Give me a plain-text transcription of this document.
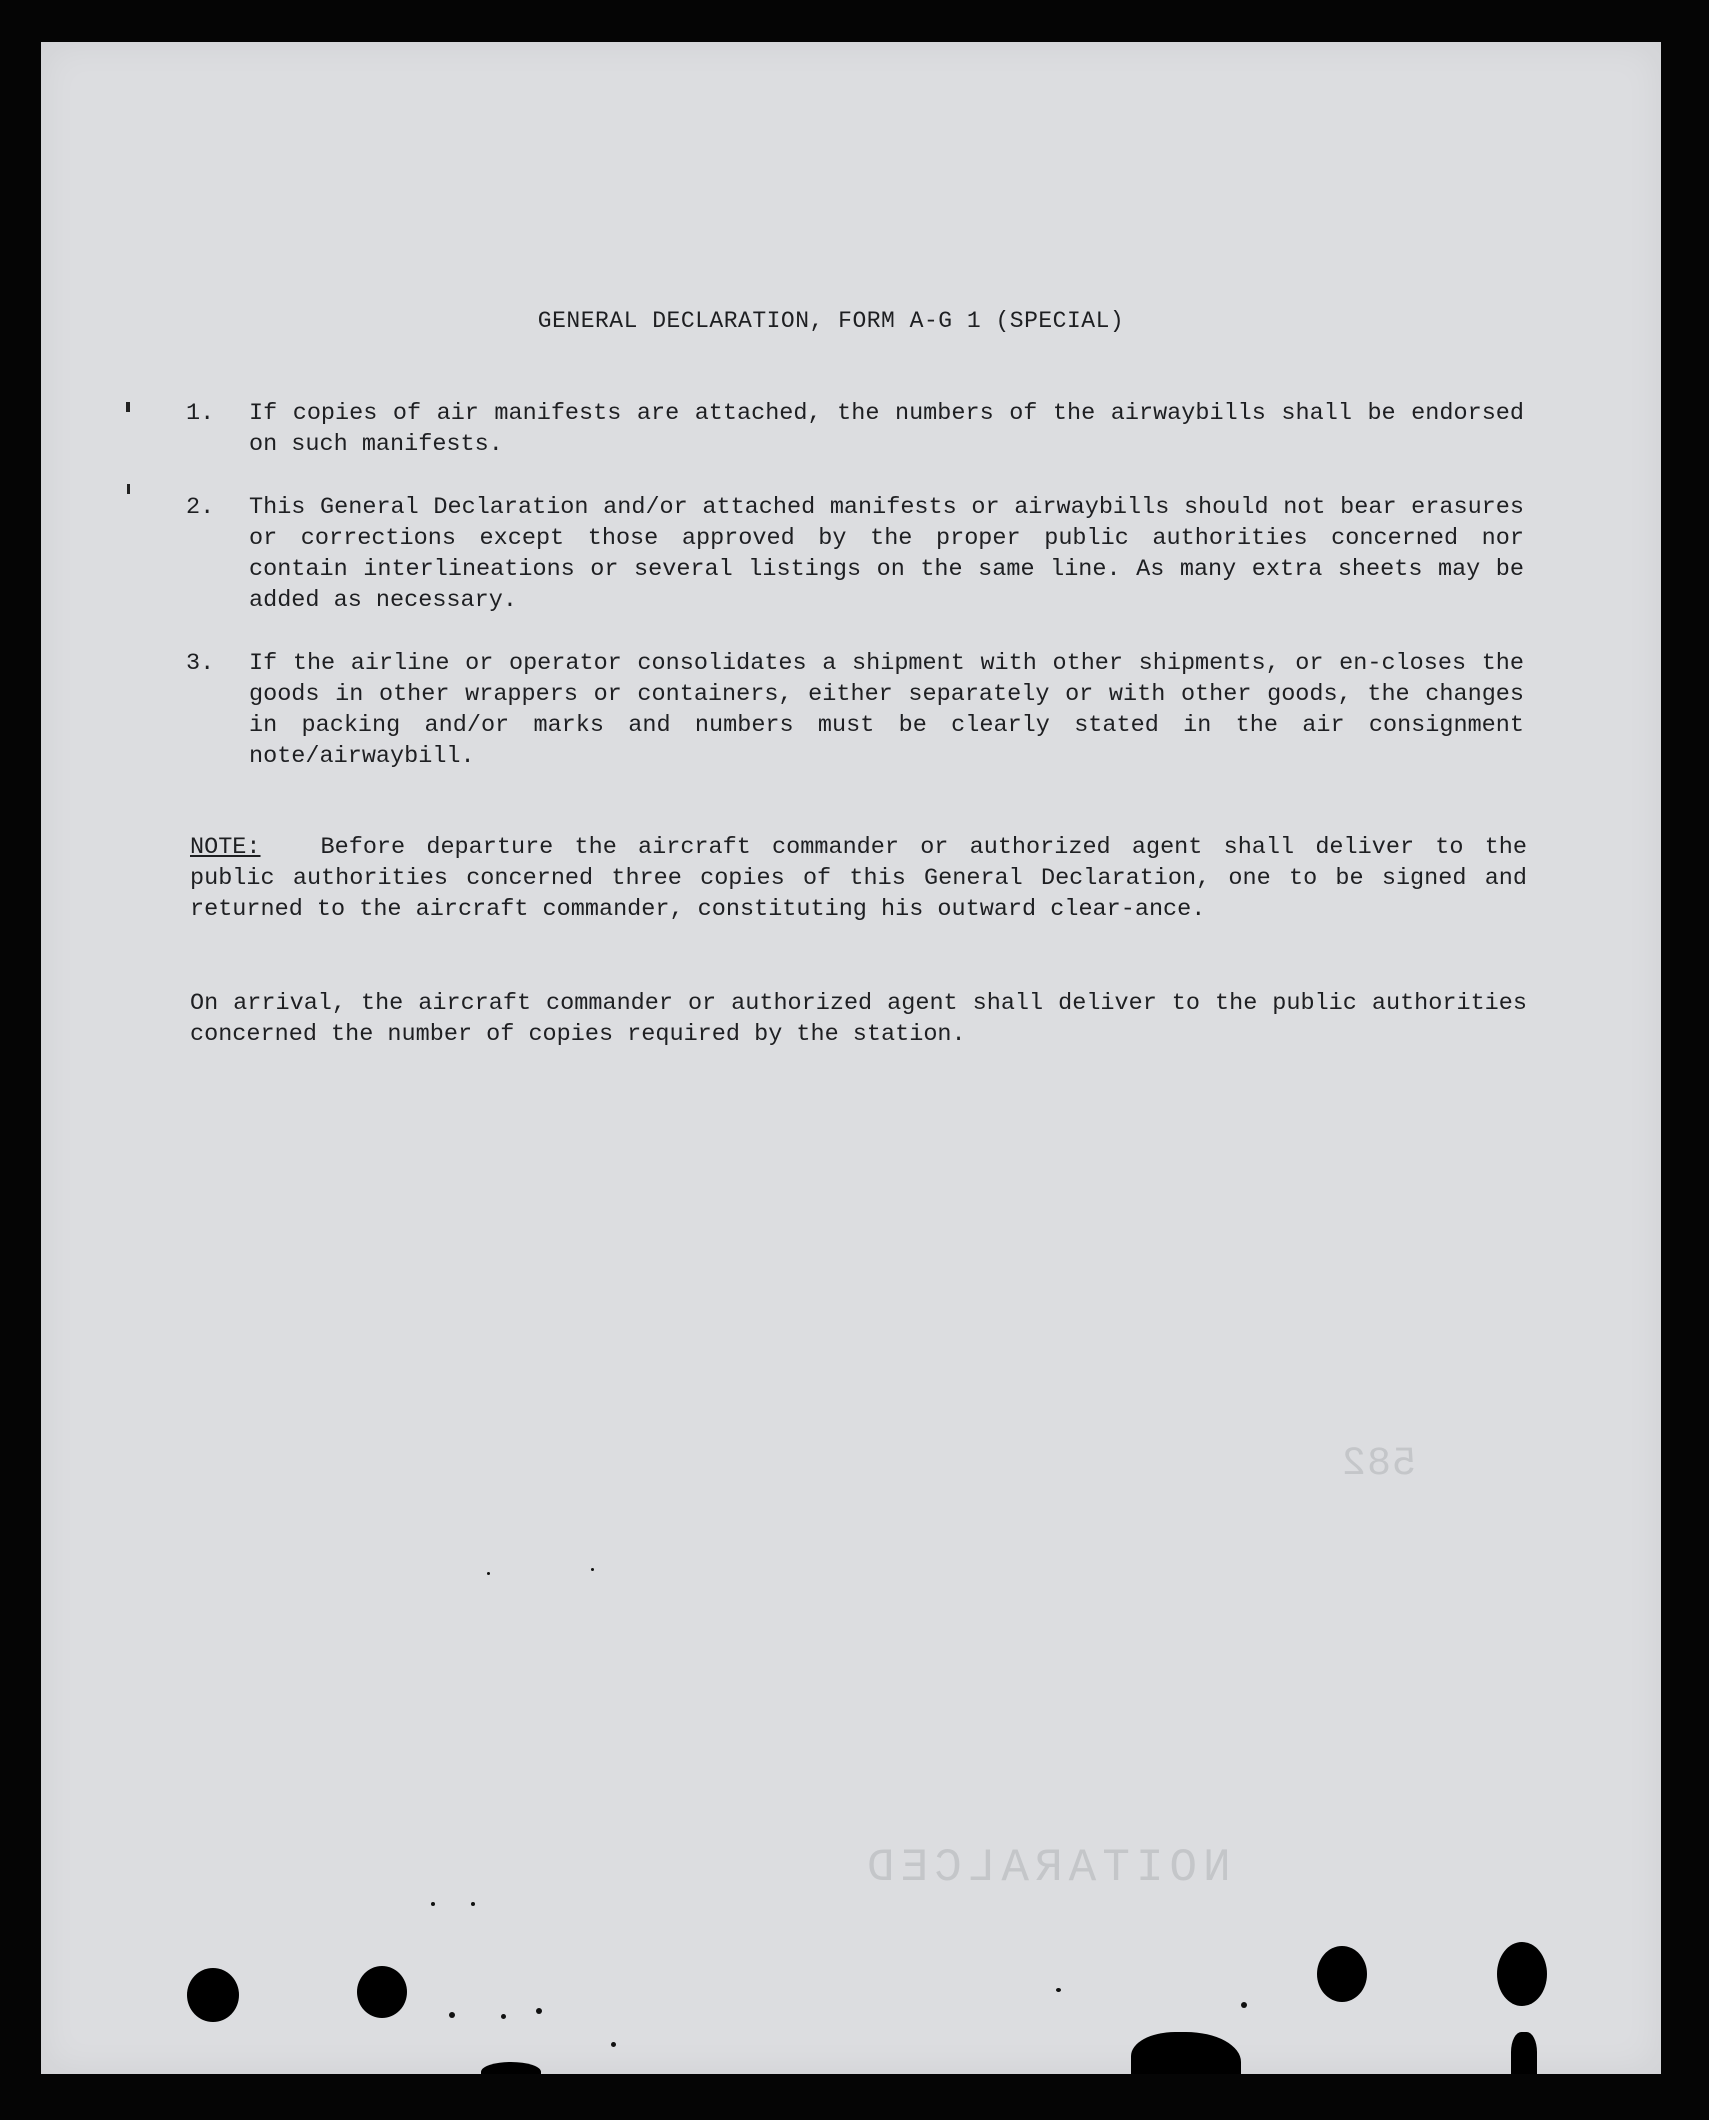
582
NOITARALCED
GENERAL DECLARATION, FORM A-G 1 (SPECIAL)
1.	If copies of air manifests are attached, the numbers of the airwaybills shall be endorsed on such manifests.
2.	This General Declaration and/or attached manifests or airwaybills should not bear erasures or corrections except those approved by the proper public authorities concerned nor contain interlineations or several listings on the same line. As many extra sheets may be added as necessary.
3.	If the airline or operator consolidates a shipment with other shipments, or en-closes the goods in other wrappers or containers, either separately or with other goods, the changes in packing and/or marks and numbers must be clearly stated in the air consignment note/airwaybill.
NOTE:	Before departure the aircraft commander or authorized agent shall deliver to the public authorities concerned three copies of this General Declaration, one to be signed and returned to the aircraft commander, constituting his outward clear-ance.
On arrival, the aircraft commander or authorized agent shall deliver to the public authorities concerned the number of copies required by the station.
